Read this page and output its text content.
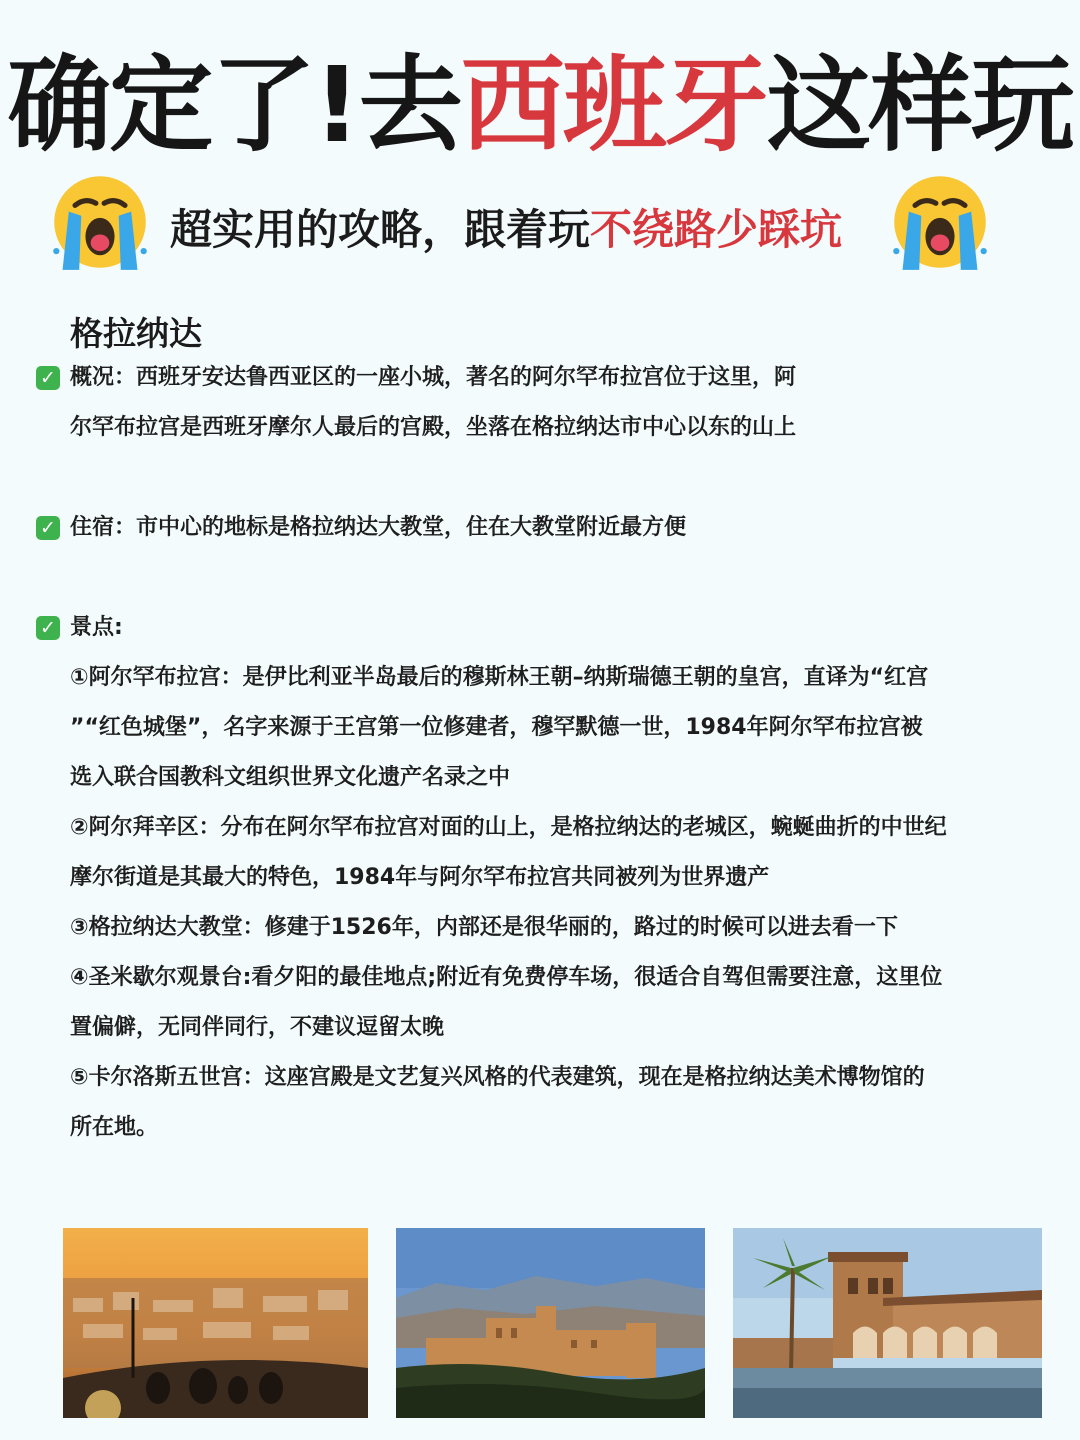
确定了!去西班牙这样玩
超实用的攻略，跟着玩不绕路少踩坑
格拉纳达
✓ 概况：西班牙安达鲁西亚区的一座小城，著名的阿尔罕布拉宫位于这里，阿
尔罕布拉宫是西班牙摩尔人最后的宫殿，坐落在格拉纳达市中心以东的山上
✓ 住宿：市中心的地标是格拉纳达大教堂，住在大教堂附近最方便
✓ 景点:
①阿尔罕布拉宫：是伊比利亚半岛最后的穆斯林王朝–纳斯瑞德王朝的皇宫，直译为“红宫
”“红色城堡”，名字来源于王宫第一位修建者，穆罕默德一世，1984年阿尔罕布拉宫被
选入联合国教科文组织世界文化遗产名录之中
②阿尔拜辛区：分布在阿尔罕布拉宫对面的山上，是格拉纳达的老城区，蜿蜒曲折的中世纪
摩尔街道是其最大的特色，1984年与阿尔罕布拉宫共同被列为世界遗产
③格拉纳达大教堂：修建于1526年，内部还是很华丽的，路过的时候可以进去看一下
④圣米歇尔观景台:看夕阳的最佳地点;附近有免费停车场，很适合自驾但需要注意，这里位
置偏僻，无同伴同行，不建议逗留太晚
⑤卡尔洛斯五世宫：这座宫殿是文艺复兴风格的代表建筑，现在是格拉纳达美术博物馆的
所在地。
